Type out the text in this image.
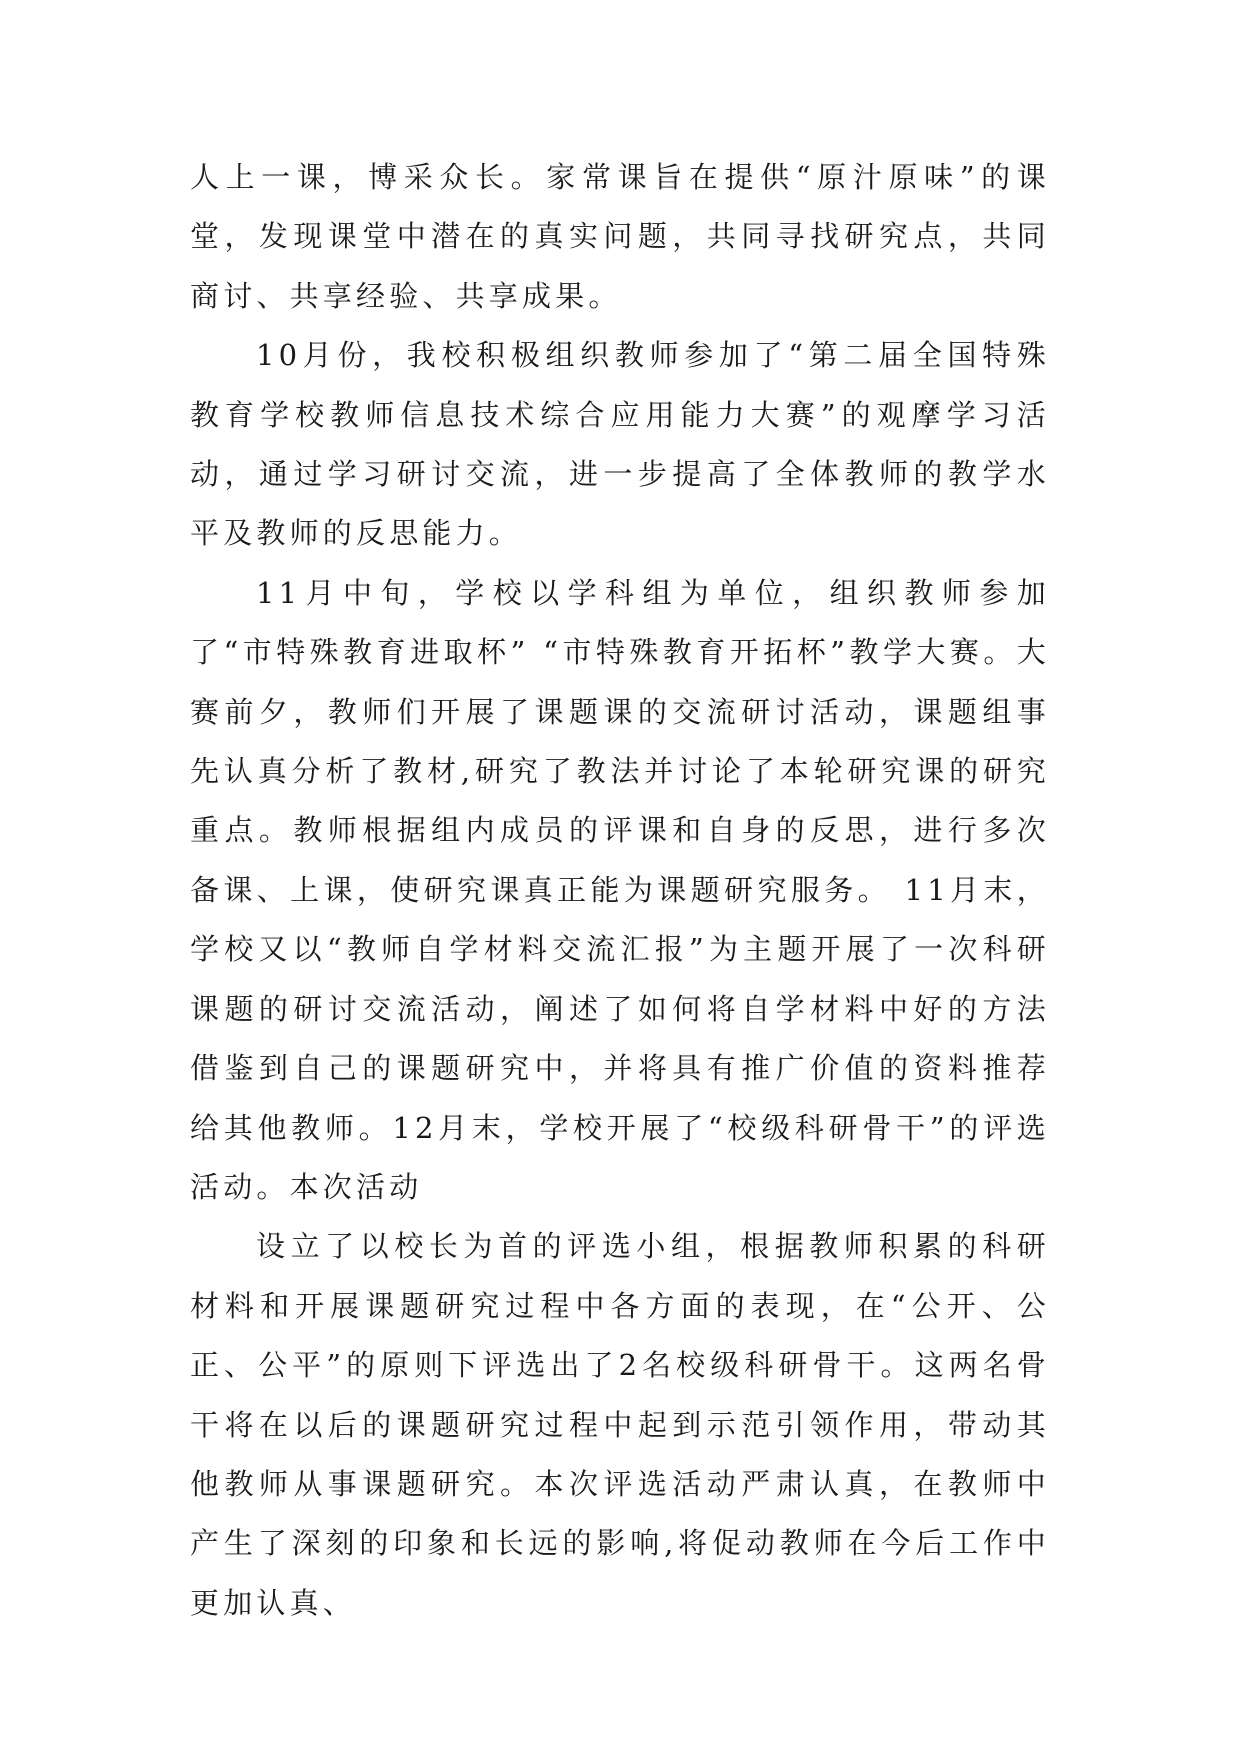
人上一课，博采众长。家常课旨在提供“原汁原味”的课堂，发现课堂中潜在的真实问题，共同寻找研究点，共同商讨、共享经验、共享成果。

10月份，我校积极组织教师参加了“第二届全国特殊教育学校教师信息技术综合应用能力大赛”的观摩学习活动，通过学习研讨交流，进一步提高了全体教师的教学水平及教师的反思能力。

11月中旬，学校以学科组为单位，组织教师参加了“市特殊教育进取杯” “市特殊教育开拓杯”教学大赛。大赛前夕，教师们开展了课题课的交流研讨活动，课题组事先认真分析了教材,研究了教法并讨论了本轮研究课的研究重点。教师根据组内成员的评课和自身的反思，进行多次备课、上课，使研究课真正能为课题研究服务。 11月末，学校又以“教师自学材料交流汇报”为主题开展了一次科研课题的研讨交流活动，阐述了如何将自学材料中好的方法借鉴到自己的课题研究中，并将具有推广价值的资料推荐给其他教师。12月末，学校开展了“校级科研骨干”的评选活动。本次活动

设立了以校长为首的评选小组，根据教师积累的科研材料和开展课题研究过程中各方面的表现，在“公开、公正、公平”的原则下评选出了2名校级科研骨干。这两名骨干将在以后的课题研究过程中起到示范引领作用，带动其他教师从事课题研究。本次评选活动严肃认真，在教师中产生了深刻的印象和长远的影响,将促动教师在今后工作中更加认真、
